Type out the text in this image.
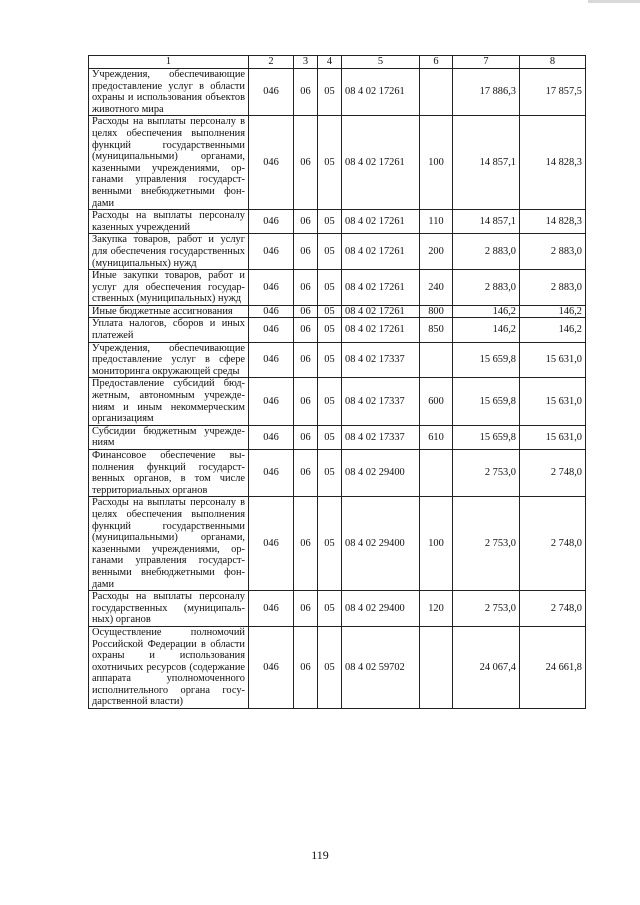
1	2	3	4	5	6	7	8
Учреждения, обеспечивающие предоставление услуг в области охраны и использования объектов животного мира	046	06	05	08 4 02 17261		17 886,3	17 857,5
Расходы на выплаты персоналу в целях обеспечения выполнения функций государственными (муниципальными) органами, казенными учреждениями, органами управления государственными внебюджетными фондами	046	06	05	08 4 02 17261	100	14 857,1	14 828,3
Расходы на выплаты персоналу казенных учреждений	046	06	05	08 4 02 17261	110	14 857,1	14 828,3
Закупка товаров, работ и услуг для обеспечения государственных (муниципальных) нужд	046	06	05	08 4 02 17261	200	2 883,0	2 883,0
Иные закупки товаров, работ и услуг для обеспечения государственных (муниципальных) нужд	046	06	05	08 4 02 17261	240	2 883,0	2 883,0
Иные бюджетные ассигнования	046	06	05	08 4 02 17261	800	146,2	146,2
Уплата налогов, сборов и иных платежей	046	06	05	08 4 02 17261	850	146,2	146,2
Учреждения, обеспечивающие предоставление услуг в сфере мониторинга окружающей среды	046	06	05	08 4 02 17337		15 659,8	15 631,0
Предоставление субсидий бюджетным, автономным учреждениям и иным некоммерческим организациям	046	06	05	08 4 02 17337	600	15 659,8	15 631,0
Субсидии бюджетным учреждениям	046	06	05	08 4 02 17337	610	15 659,8	15 631,0
Финансовое обеспечение выполнения функций государственных органов, в том числе территориальных органов	046	06	05	08 4 02 29400		2 753,0	2 748,0
Расходы на выплаты персоналу в целях обеспечения выполнения функций государственными (муниципальными) органами, казенными учреждениями, органами управления государственными внебюджетными фондами	046	06	05	08 4 02 29400	100	2 753,0	2 748,0
Расходы на выплаты персоналу государственных (муниципальных) органов	046	06	05	08 4 02 29400	120	2 753,0	2 748,0
Осуществление полномочий Российской Федерации в области охраны и использования охотничьих ресурсов (содержание аппарата уполномоченного исполнительного органа государственной власти)	046	06	05	08 4 02 59702		24 067,4	24 661,8
119
